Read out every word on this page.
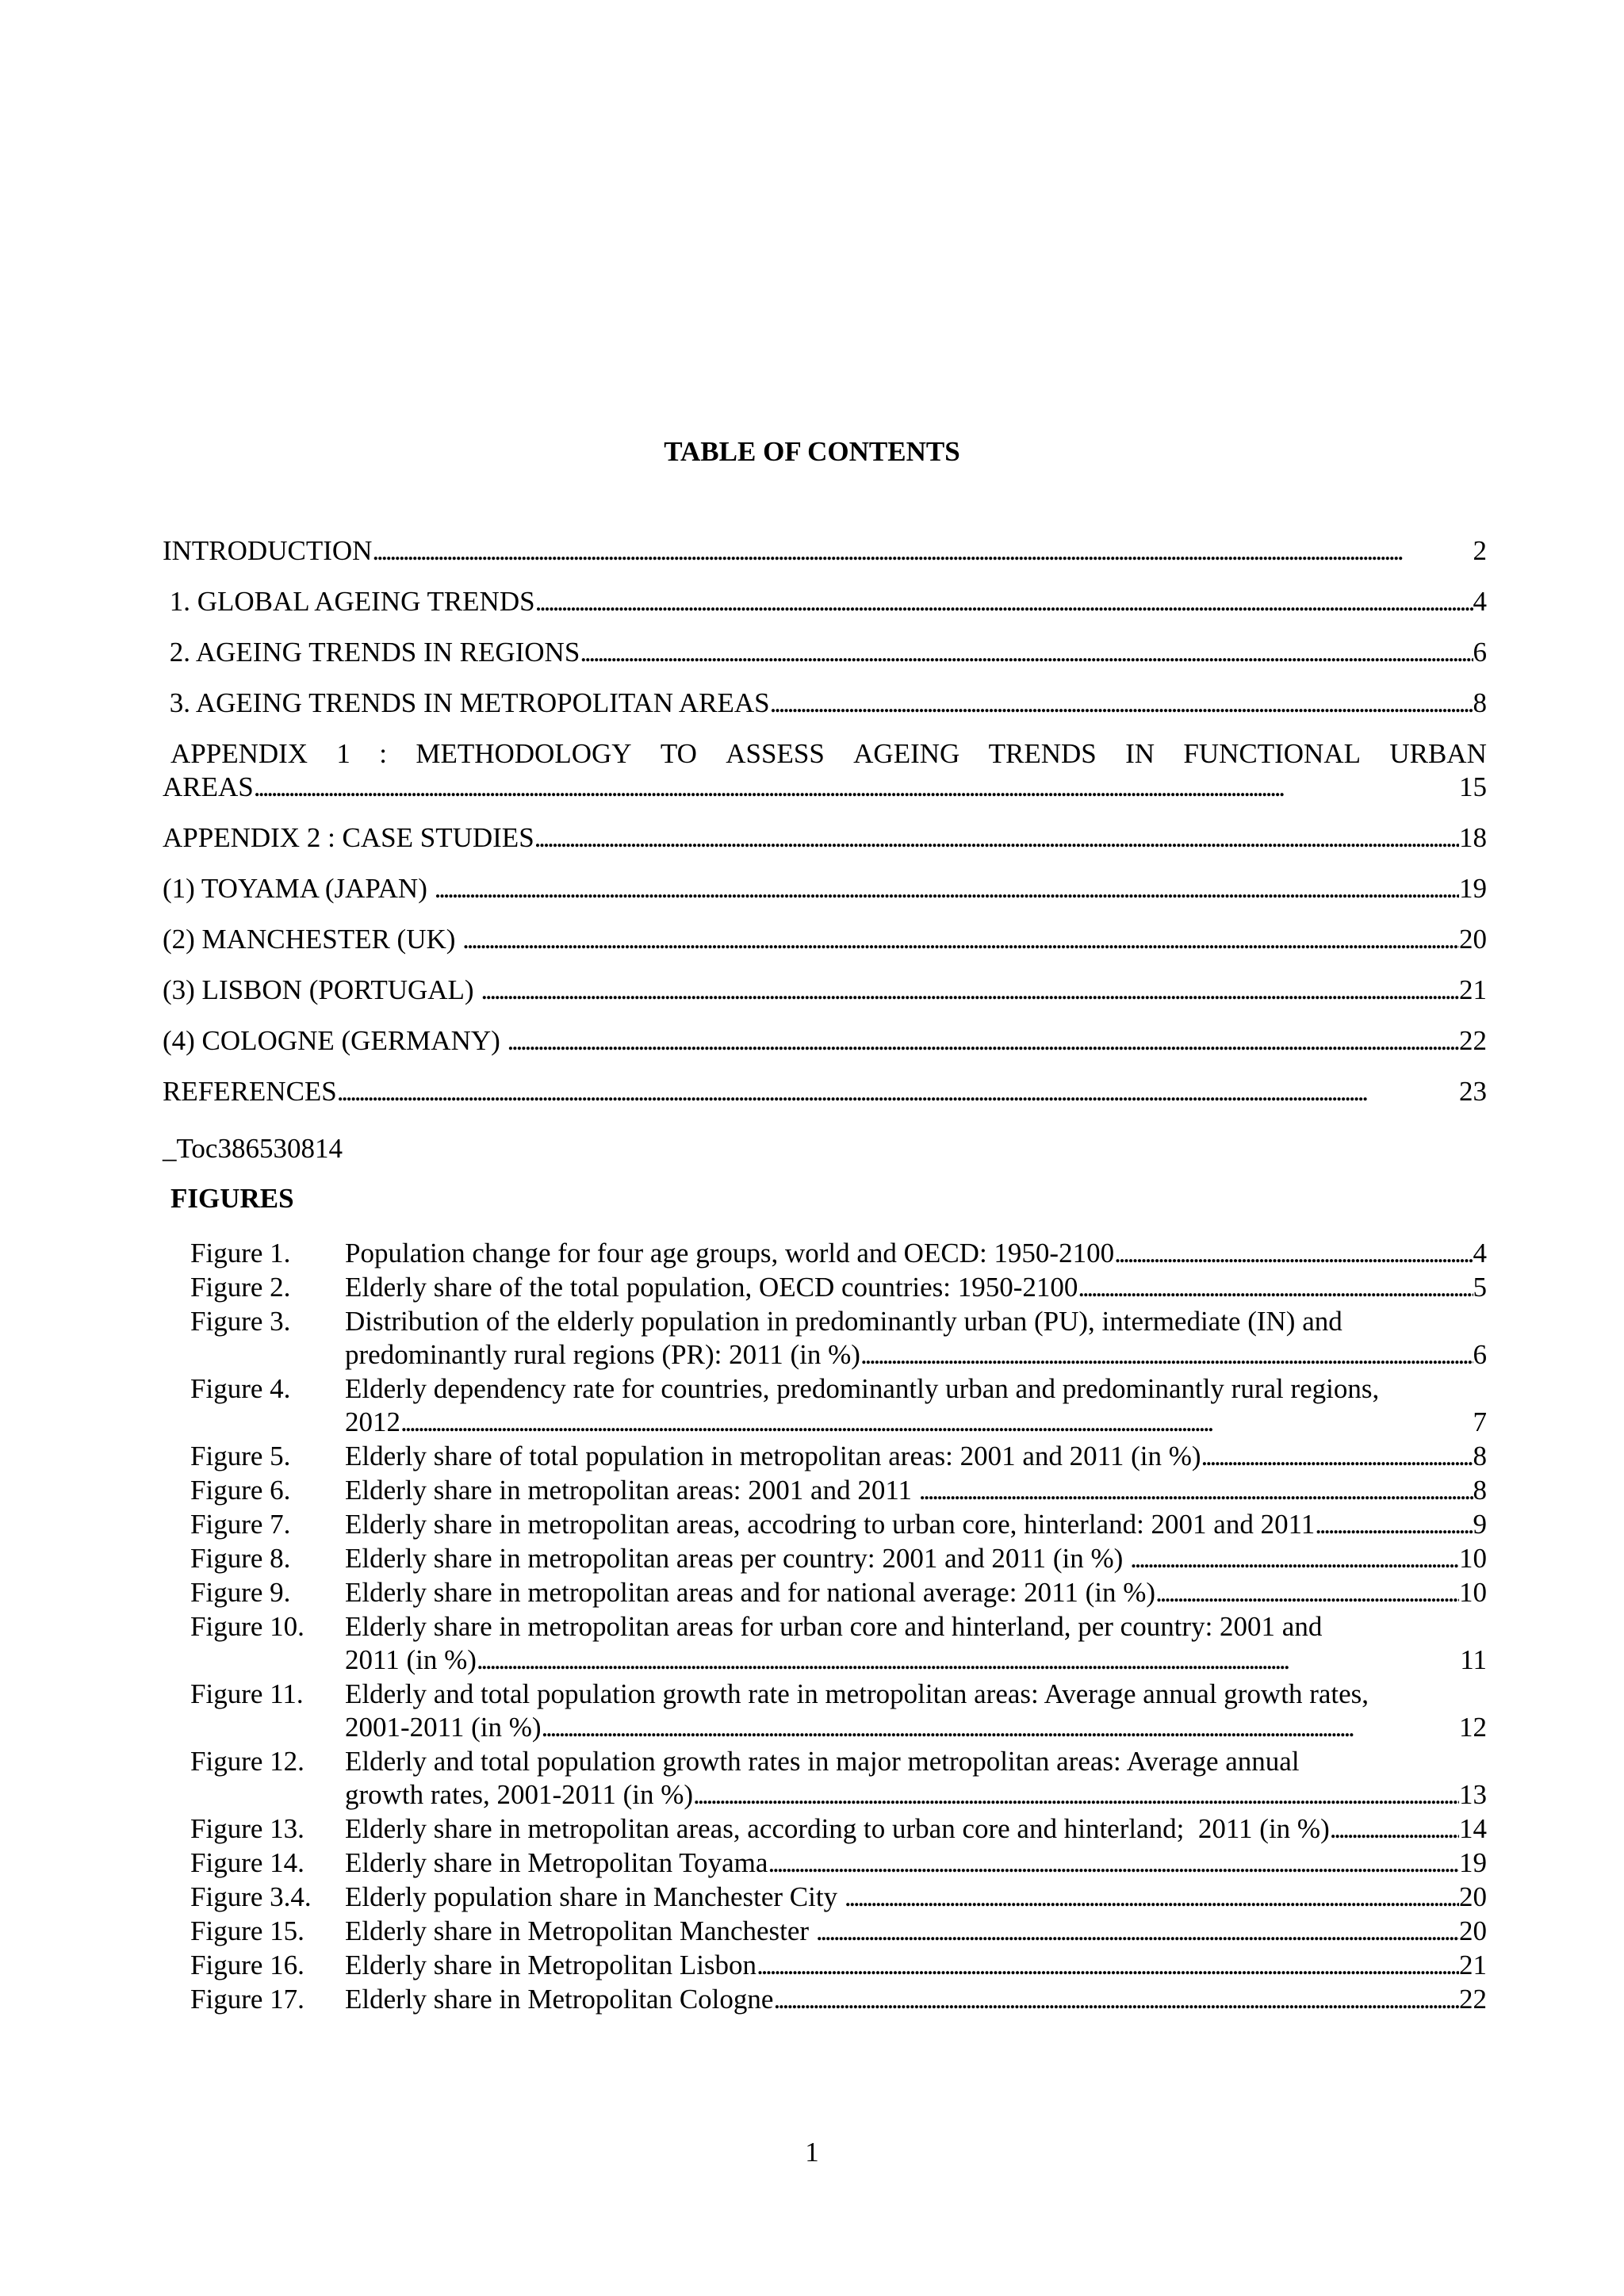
TABLE OF CONTENTS
INTRODUCTION . . .	2
1. GLOBAL AGEING TRENDS . . .	4
2. AGEING TRENDS IN REGIONS . . .	6
3. AGEING TRENDS IN METROPOLITAN AREAS . . .	8
APPENDIX 1 : METHODOLOGY TO ASSESS AGEING TRENDS IN FUNCTIONAL URBAN
AREAS . . .	15
APPENDIX 2 : CASE STUDIES . . .	18
(1) TOYAMA (JAPAN) . . .	19
(2) MANCHESTER (UK) . . .	20
(3) LISBON (PORTUGAL) . . .	21
(4) COLOGNE (GERMANY) . . .	22
REFERENCES . . .	23
_Toc386530814
FIGURES
Figure 1.	Population change for four age groups, world and OECD: 1950-2100 . . .	4
Figure 2.	Elderly share of the total population, OECD countries: 1950-2100 . . .	5
Figure 3.	Distribution of the elderly population in predominantly urban (PU), intermediate (IN) and
predominantly rural regions (PR): 2011 (in %) . . .	6
Figure 4.	Elderly dependency rate for countries, predominantly urban and predominantly rural regions,
2012 . . .	7
Figure 5.	Elderly share of total population in metropolitan areas: 2001 and 2011 (in %) . . .	8
Figure 6.	Elderly share in metropolitan areas: 2001 and 2011 . . .	8
Figure 7.	Elderly share in metropolitan areas, accodring to urban core, hinterland: 2001 and 2011 . . .	9
Figure 8.	Elderly share in metropolitan areas per country: 2001 and 2011 (in %) . . .	10
Figure 9.	Elderly share in metropolitan areas and for national average: 2011 (in %) . . .	10
Figure 10.	Elderly share in metropolitan areas for urban core and hinterland, per country: 2001 and
2011 (in %) . . .	11
Figure 11.	Elderly and total population growth rate in metropolitan areas: Average annual growth rates,
2001-2011 (in %) . . .	12
Figure 12.	Elderly and total population growth rates in major metropolitan areas: Average annual
growth rates, 2001-2011 (in %) . . .	13
Figure 13.	Elderly share in metropolitan areas, according to urban core and hinterland;  2011 (in %) . . .	14
Figure 14.	Elderly share in Metropolitan Toyama . . .	19
Figure 3.4.	Elderly population share in Manchester City . . .	20
Figure 15.	Elderly share in Metropolitan Manchester . . .	20
Figure 16.	Elderly share in Metropolitan Lisbon . . .	21
Figure 17.	Elderly share in Metropolitan Cologne . . .	22
1
